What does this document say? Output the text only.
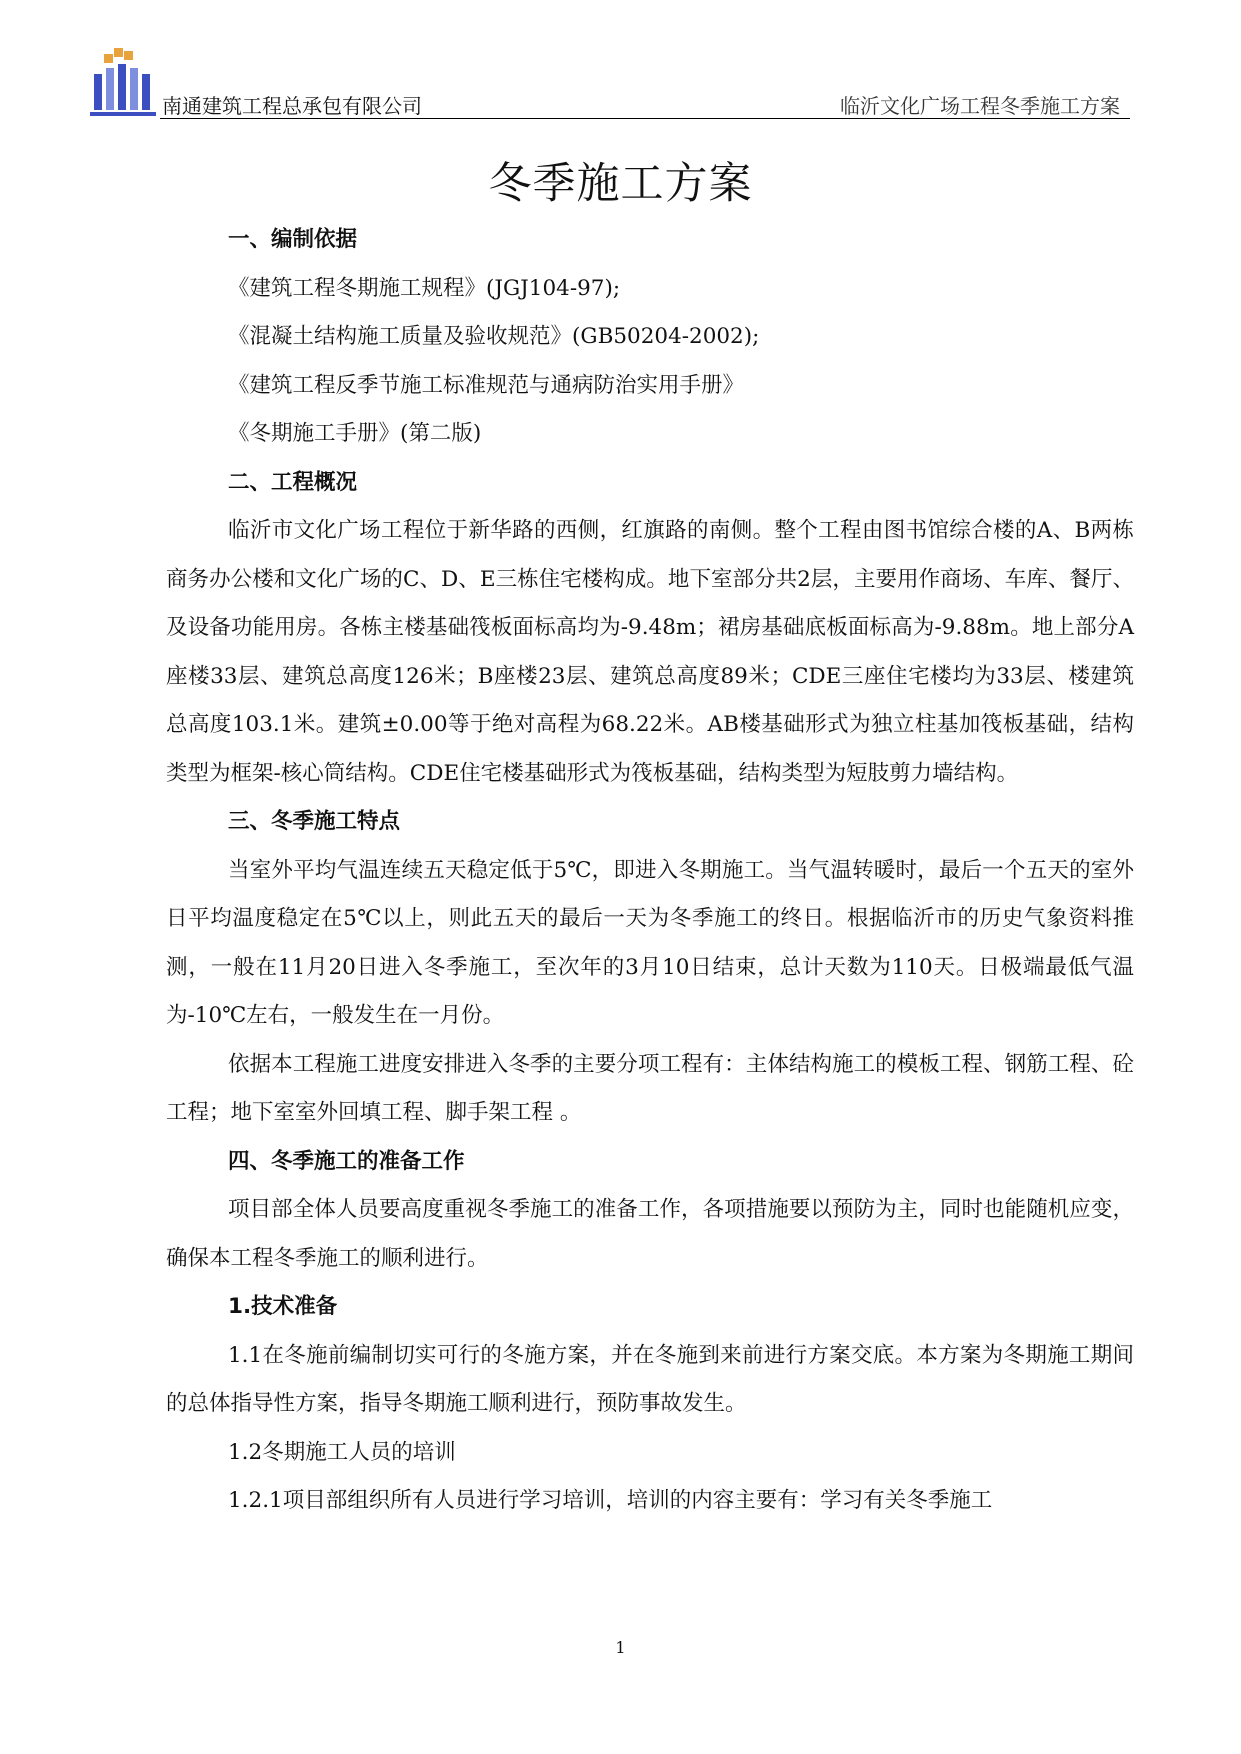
南通建筑工程总承包有限公司	临沂文化广场工程冬季施工方案
冬季施工方案

一、编制依据

《建筑工程冬期施工规程》(JGJ104-97);

《混凝土结构施工质量及验收规范》(GB50204-2002);

《建筑工程反季节施工标准规范与通病防治实用手册》

《冬期施工手册》(第二版)

二、工程概况

临沂市文化广场工程位于新华路的西侧，红旗路的南侧。整个工程由图书馆综合楼的A、B两栋商务办公楼和文化广场的C、D、E三栋住宅楼构成。地下室部分共2层，主要用作商场、车库、餐厅、及设备功能用房。各栋主楼基础筏板面标高均为-9.48m；裙房基础底板面标高为-9.88m。地上部分A座楼33层、建筑总高度126米；B座楼23层、建筑总高度89米；CDE三座住宅楼均为33层、楼建筑总高度103.1米。建筑±0.00等于绝对高程为68.22米。AB楼基础形式为独立柱基加筏板基础，结构类型为框架-核心筒结构。CDE住宅楼基础形式为筏板基础，结构类型为短肢剪力墙结构。

三、冬季施工特点

当室外平均气温连续五天稳定低于5℃，即进入冬期施工。当气温转暖时，最后一个五天的室外日平均温度稳定在5℃以上，则此五天的最后一天为冬季施工的终日。根据临沂市的历史气象资料推测，一般在11月20日进入冬季施工，至次年的3月10日结束，总计天数为110天。日极端最低气温为-10℃左右，一般发生在一月份。

依据本工程施工进度安排进入冬季的主要分项工程有：主体结构施工的模板工程、钢筋工程、砼工程；地下室室外回填工程、脚手架工程 。

四、冬季施工的准备工作

项目部全体人员要高度重视冬季施工的准备工作，各项措施要以预防为主，同时也能随机应变，确保本工程冬季施工的顺利进行。

1.技术准备

1.1在冬施前编制切实可行的冬施方案，并在冬施到来前进行方案交底。本方案为冬期施工期间的总体指导性方案，指导冬期施工顺利进行，预防事故发生。

1.2冬期施工人员的培训

1.2.1项目部组织所有人员进行学习培训，培训的内容主要有：学习有关冬季施工

1
